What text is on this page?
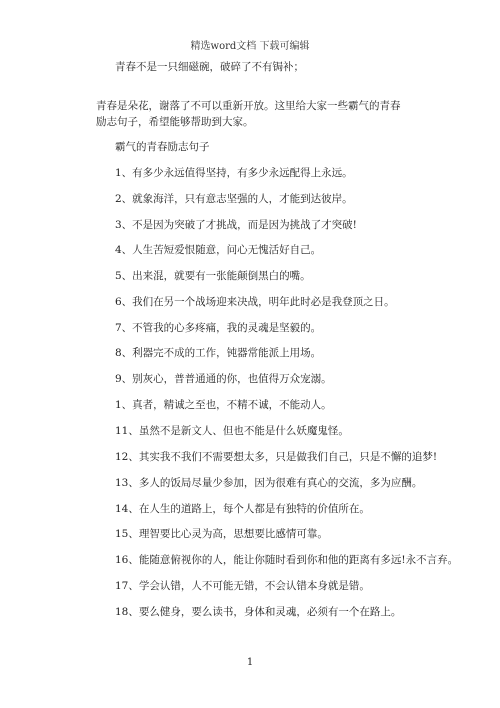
精选word文档 下载可编辑
青春不是一只细磁碗，破碎了不有锔补；
青春是朵花，谢落了不可以重新开放。这里给大家一些霸气的青春励志句子，希望能够帮助到大家。
霸气的青春励志句子
1、有多少永远值得坚持，有多少永远配得上永远。
2、就象海洋，只有意志坚强的人，才能到达彼岸。
3、不是因为突破了才挑战，而是因为挑战了才突破!
4、人生苦短爱恨随意，问心无愧活好自己。
5、出来混，就要有一张能颠倒黑白的嘴。
6、我们在另一个战场迎来决战，明年此时必是我登顶之日。
7、不管我的心多疼痛，我的灵魂是坚毅的。
8、利器完不成的工作，钝器常能派上用场。
9、别灰心，普普通通的你，也值得万众宠溺。
1、真者，精诚之至也，不精不诚，不能动人。
11、虽然不是新文人、但也不能是什么妖魔鬼怪。
12、其实我不我们不需要想太多，只是做我们自己，只是不懈的追梦!
13、多人的饭局尽量少参加，因为很难有真心的交流，多为应酬。
14、在人生的道路上，每个人都是有独特的价值所在。
15、理智要比心灵为高，思想要比感情可靠。
16、能随意俯视你的人，能让你随时看到你和他的距离有多远!永不言弃。
17、学会认错，人不可能无错，不会认错本身就是错。
18、要么健身，要么读书，身体和灵魂，必须有一个在路上。
1
